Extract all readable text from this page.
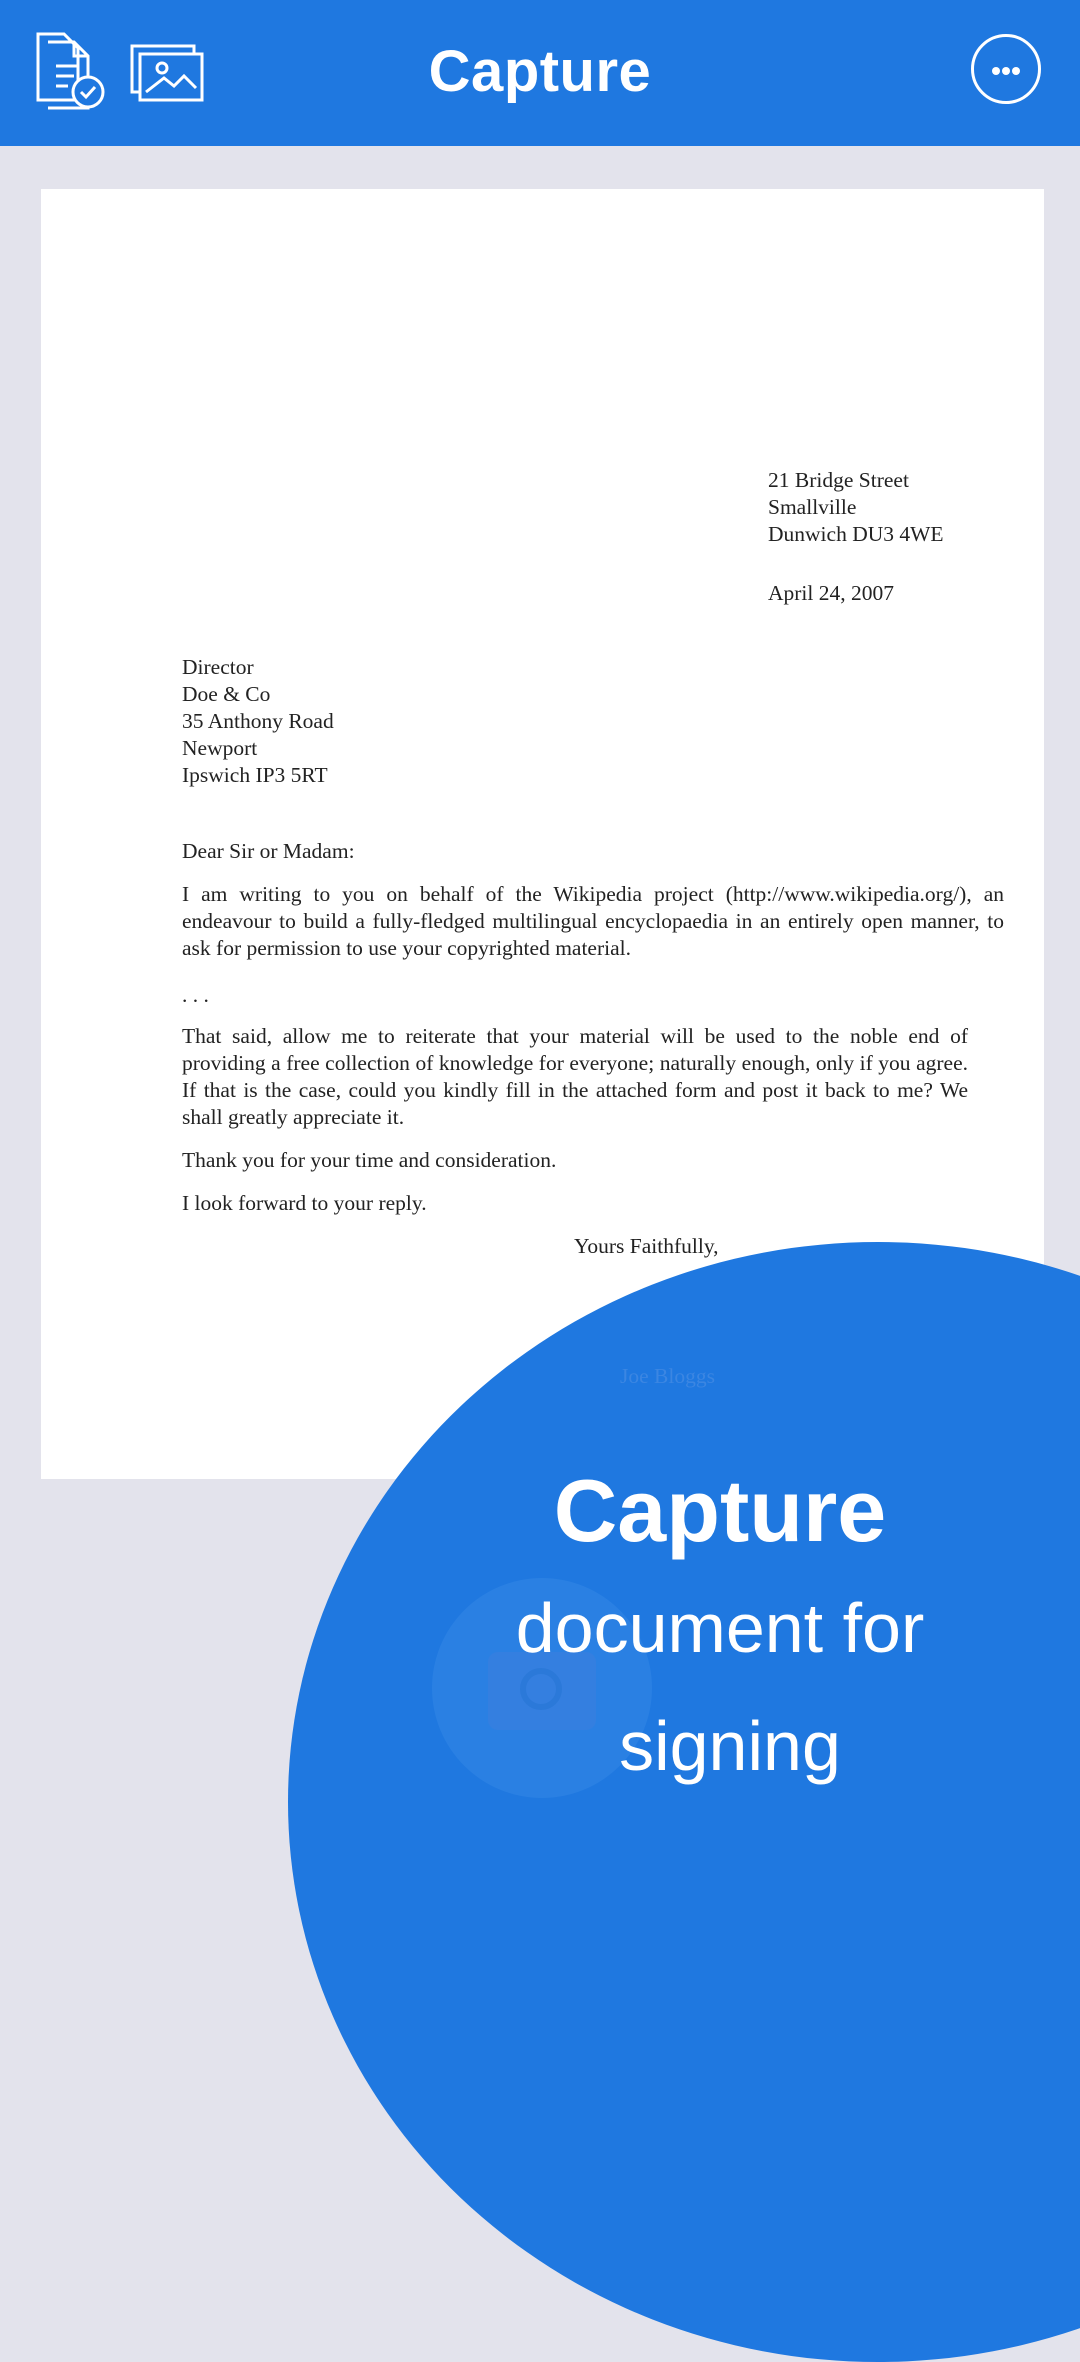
Capture
21 Bridge Street
Smallville
Dunwich DU3 4WE
April 24, 2007
Director
Doe & Co
35 Anthony Road
Newport
Ipswich IP3 5RT
Dear Sir or Madam:
I am writing to you on behalf of the Wikipedia project (http://www.wikipedia.org/), an endeavour to build a fully-fledged multilingual encyclopaedia in an entirely open manner, to ask for permission to use your copyrighted material.
. . .
That said, allow me to reiterate that your material will be used to the noble end of providing a free collection of knowledge for everyone; naturally enough, only if you agree. If that is the case, could you kindly fill in the attached form and post it back to me? We shall greatly appreciate it.
Thank you for your time and consideration.
I look forward to your reply.
Yours Faithfully,
Joe Bloggs
Capture
document for
signing
